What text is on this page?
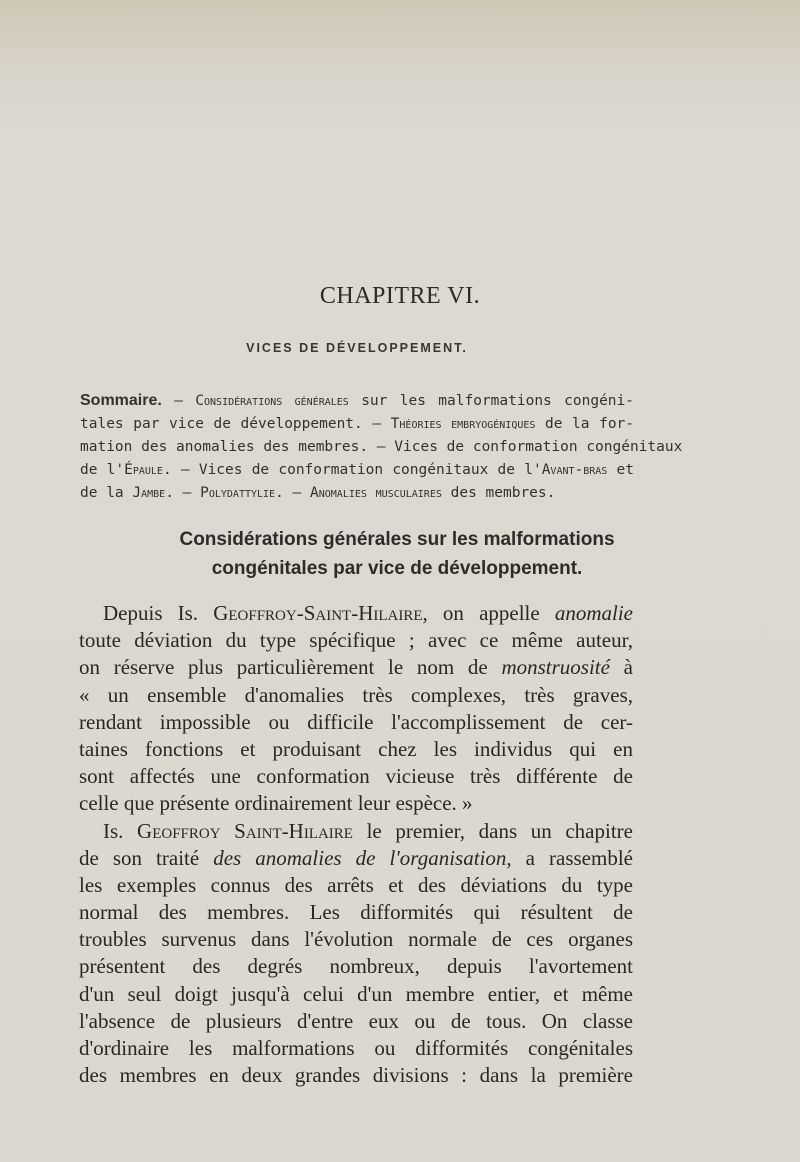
CHAPITRE VI.
VICES DE DÉVELOPPEMENT.
Sommaire. — Considérations générales sur les malformations congéni-
tales par vice de développement. — Théories embryogéniques de la for-
mation des anomalies des membres. — Vices de conformation congénitaux
de l'Épaule. — Vices de conformation congénitaux de l'Avant-bras et
de la Jambe. — Polydattylie. — Anomalies musculaires des membres.
Considérations générales sur les malformations
congénitales par vice de développement.
Depuis Is. Geoffroy-Saint-Hilaire, on appelle anomalie
toute déviation du type spécifique ; avec ce même auteur,
on réserve plus particulièrement le nom de monstruosité à
« un ensemble d'anomalies très complexes, très graves,
rendant impossible ou difficile l'accomplissement de cer-
taines fonctions et produisant chez les individus qui en
sont affectés une conformation vicieuse très différente de
celle que présente ordinairement leur espèce. »
Is. Geoffroy Saint-Hilaire le premier, dans un chapitre
de son traité des anomalies de l'organisation, a rassemblé
les exemples connus des arrêts et des déviations du type
normal des membres. Les difformités qui résultent de
troubles survenus dans l'évolution normale de ces organes
présentent des degrés nombreux, depuis l'avortement
d'un seul doigt jusqu'à celui d'un membre entier, et même
l'absence de plusieurs d'entre eux ou de tous. On classe
d'ordinaire les malformations ou difformités congénitales
des membres en deux grandes divisions : dans la première
